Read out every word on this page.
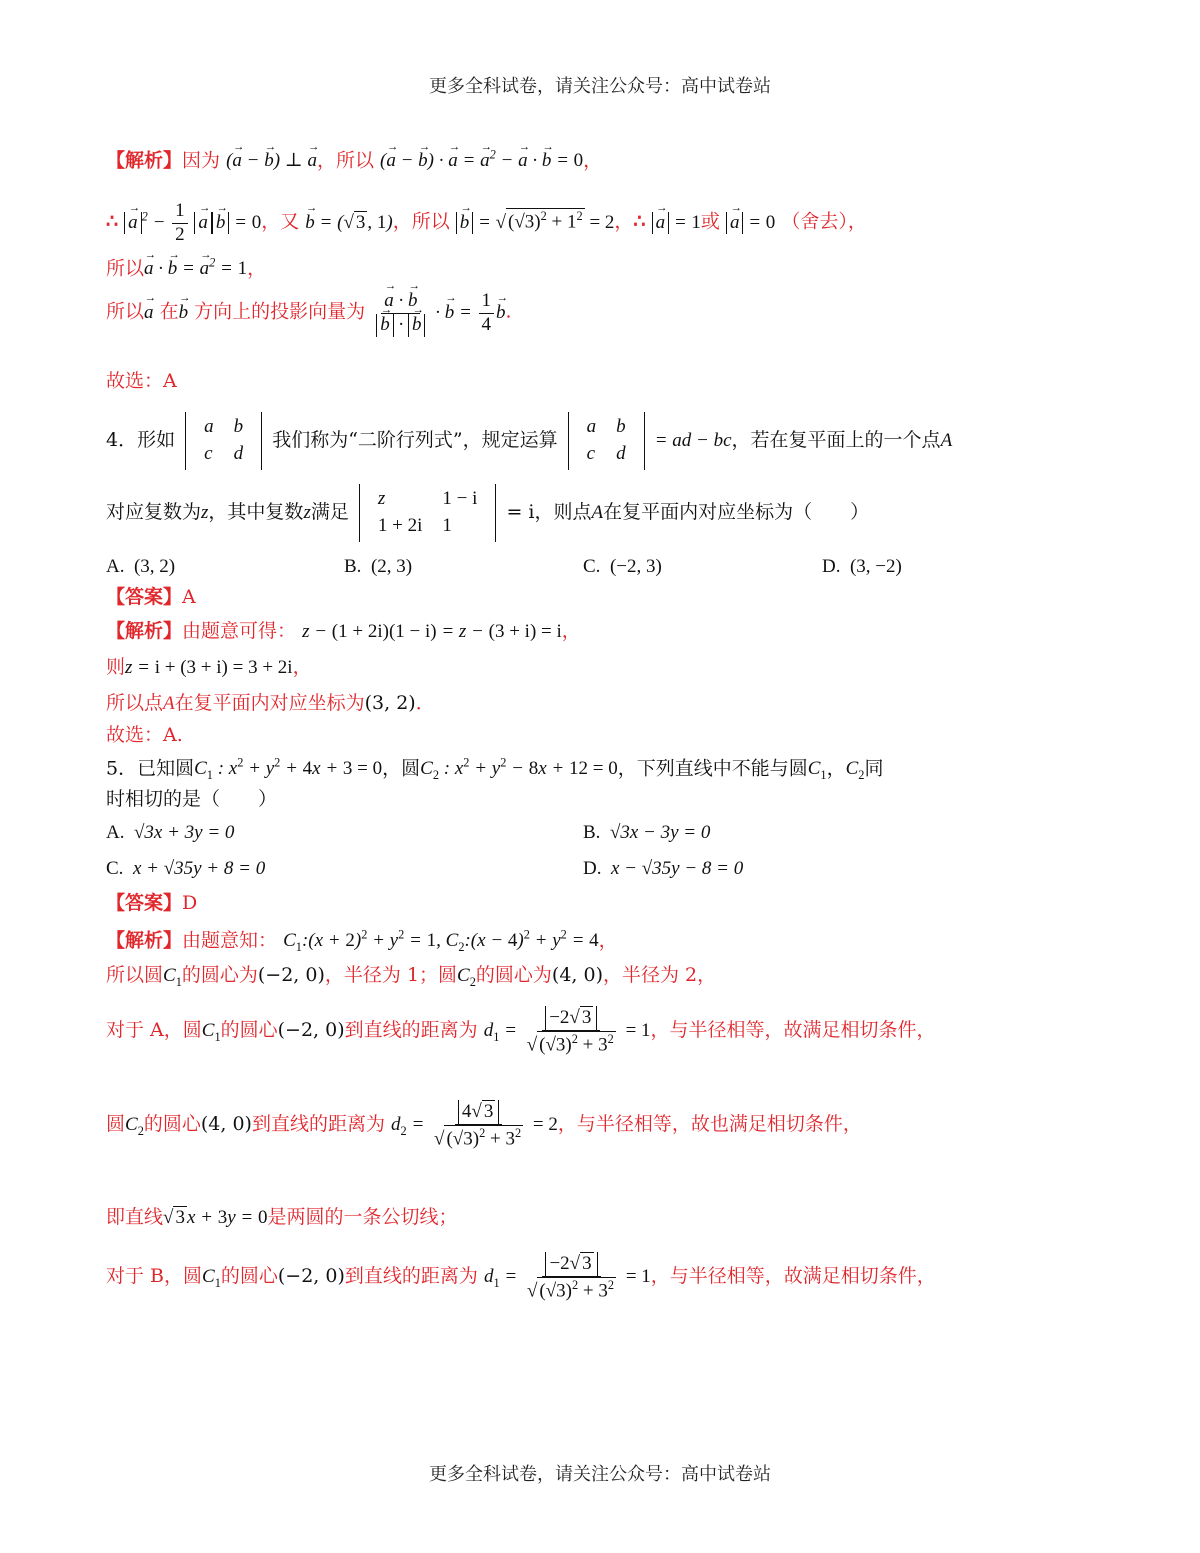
更多全科试卷，请关注公众号：高中试卷站
【解析】因为 (→ a − → b) ⊥ → a，所以 (→ a − → b) · → a = → $a^2$ − → a · → b = 0，
∴ → a $^2 - \frac{1}{2} \to a \to b = 0$，又 → b = (√ 3 , 1)，所以 → b = √ $(√3)^2 + 1^2 = 2$，∴ → a = 1或 → a = 0 （舍去），
所以→ a · → b = → $a^2 = 1$，
所以→ a 在→ b 方向上的投影向量为 → a · → b
→ b · → b · → $b = \frac{1}{4} \to b$.
故选：A
4．形如
a	b
c	d
我们称为“二阶行列式”，规定运算
a	b
c	d
= ad − bc，若在复平面上的一个点A
对应复数为z，其中复数z满足
z	1 − i
1 + 2i	1
= i，则点A在复平面内对应坐标为（　　）
A. (3, 2)	B. (2, 3)	C. (−2, 3)	D. (3, −2)
【答案】A
【解析】由题意可得： z − (1 + 2i)(1 − i) = z − (3 + i) = i，
则z = i + (3 + i) = 3 + 2i，
所以点A在复平面内对应坐标为(3, 2)．
故选：A.
5．已知圆$C_1$ : $x^2 + y^2 + 4x + 3 = 0$，圆$C_2$ : $x^2 + y^2 - 8x + 12 = 0$，下列直线中不能与圆$C_1$，$C_2$同
时相切的是（　　）
A. √3x + 3y = 0	B. √3x − 3y = 0
C. x + √35y + 8 = 0	D. x − √35y − 8 = 0
【答案】D
【解析】由题意知： $C_1:(x + 2)^2 + y^2 = 1$, $C_2:(x - 4)^2 + y^2 = 4$，
所以圆$C_1$的圆心为(−2, 0)，半径为 1；圆$C_2$的圆心为(4, 0)，半径为 2，
对于 A，圆$C_1$的圆心(−2, 0)到直线的距离为 $d_1 = \frac{-2√ 3}{√ (√3)^2 + 3^2} = 1$，与半径相等，故满足相切条件，
圆$C_2$的圆心(4, 0)到直线的距离为 $d_2 = \frac{4√ 3}{√ (√3)^2 + 3^2} = 2$，与半径相等，故也满足相切条件，
即直线√ 3 x + 3y = 0是两圆的一条公切线；
对于 B，圆$C_1$的圆心(−2, 0)到直线的距离为 $d_1 = \frac{-2√ 3}{√ (√3)^2 + 3^2} = 1$，与半径相等，故满足相切条件，
更多全科试卷，请关注公众号：高中试卷站
